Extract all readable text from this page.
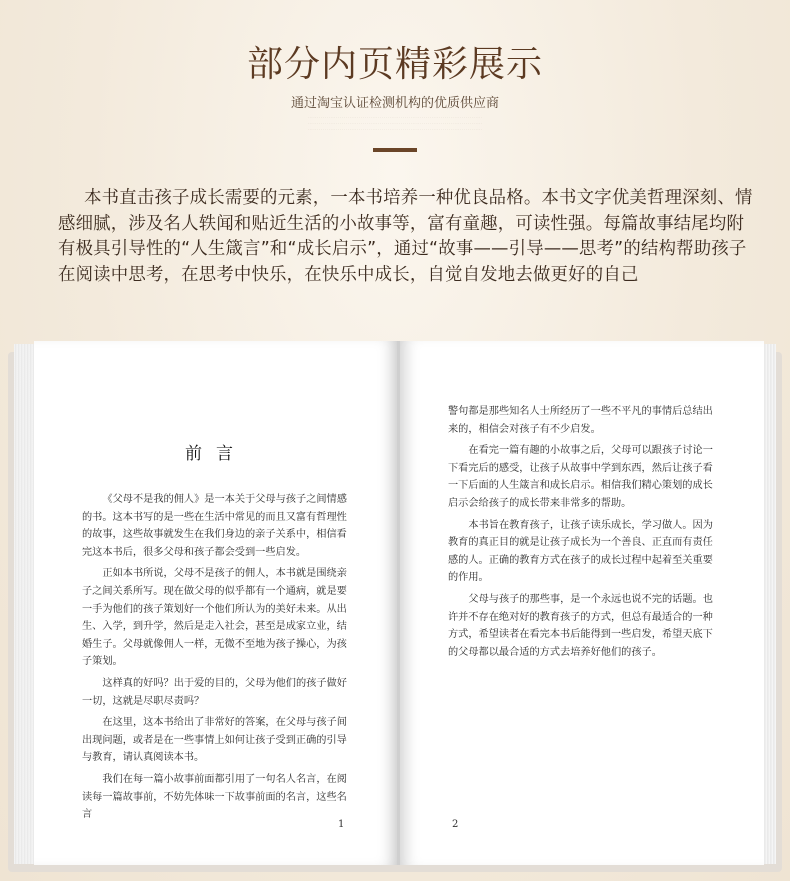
部分内页精彩展示
通过淘宝认证检测机构的优质供应商
· · · · · · · · · · · · · · · · · · · · · · · · · · · · · · · · · · · · · · · · · · · · · · · · · · · · · · · · · · · · · · · · · · · · · · · · · · · · · · · · · · · · · · · · · · · ·
· · · · · · · · · · · · · · · · · · · · · · · · · · · · · · · · · · · · · · · · · · · · · · · · · · · · · · · · · · · · · · · · · · · · · · · · · · · · · · · · · · · · · · · · · · · ·
· · · · · · · · · · · · · · · · · · · · · · · · · · · · · · · · · · · · · · · · · · · · · · · · · · · · · · · · · · · · · · · · · · · · · · · · · · · · · · · · · · · · · · · · · · · ·
本书直击孩子成长需要的元素，一本书培养一种优良品格。本书文字优美哲理深刻、情感细腻，涉及名人轶闻和贴近生活的小故事等，富有童趣，可读性强。每篇故事结尾均附有极具引导性的“人生箴言”和“成长启示”，通过“故事——引导——思考”的结构帮助孩子在阅读中思考，在思考中快乐，在快乐中成长，自觉自发地去做更好的自己
前言

《父母不是我的佣人》是一本关于父母与孩子之间情感的书。这本书写的是一些在生活中常见的而且又富有哲理性的故事，这些故事就发生在我们身边的亲子关系中，相信看完这本书后，很多父母和孩子都会受到一些启发。

正如本书所说，父母不是孩子的佣人，本书就是围绕亲子之间关系所写。现在做父母的似乎都有一个通病，就是要一手为他们的孩子策划好一个他们所认为的美好未来。从出生、入学，到升学，然后是走入社会，甚至是成家立业，结婚生子。父母就像佣人一样，无微不至地为孩子操心，为孩子策划。

这样真的好吗？出于爱的目的，父母为他们的孩子做好一切，这就是尽职尽责吗？

在这里，这本书给出了非常好的答案，在父母与孩子间出现问题，或者是在一些事情上如何让孩子受到正确的引导与教育，请认真阅读本书。

我们在每一篇小故事前面都引用了一句名人名言，在阅读每一篇故事前，不妨先体味一下故事前面的名言，这些名言

1

警句都是那些知名人士所经历了一些不平凡的事情后总结出来的，相信会对孩子有不少启发。

在看完一篇有趣的小故事之后，父母可以跟孩子讨论一下看完后的感受，让孩子从故事中学到东西，然后让孩子看一下后面的人生箴言和成长启示。相信我们精心策划的成长启示会给孩子的成长带来非常多的帮助。

本书旨在教育孩子，让孩子读乐成长，学习做人。因为教育的真正目的就是让孩子成长为一个善良、正直而有责任感的人。正确的教育方式在孩子的成长过程中起着至关重要的作用。

父母与孩子的那些事，是一个永远也说不完的话题。也许并不存在绝对好的教育孩子的方式，但总有最适合的一种方式，希望读者在看完本书后能得到一些启发，希望天底下的父母都以最合适的方式去培养好他们的孩子。

2
